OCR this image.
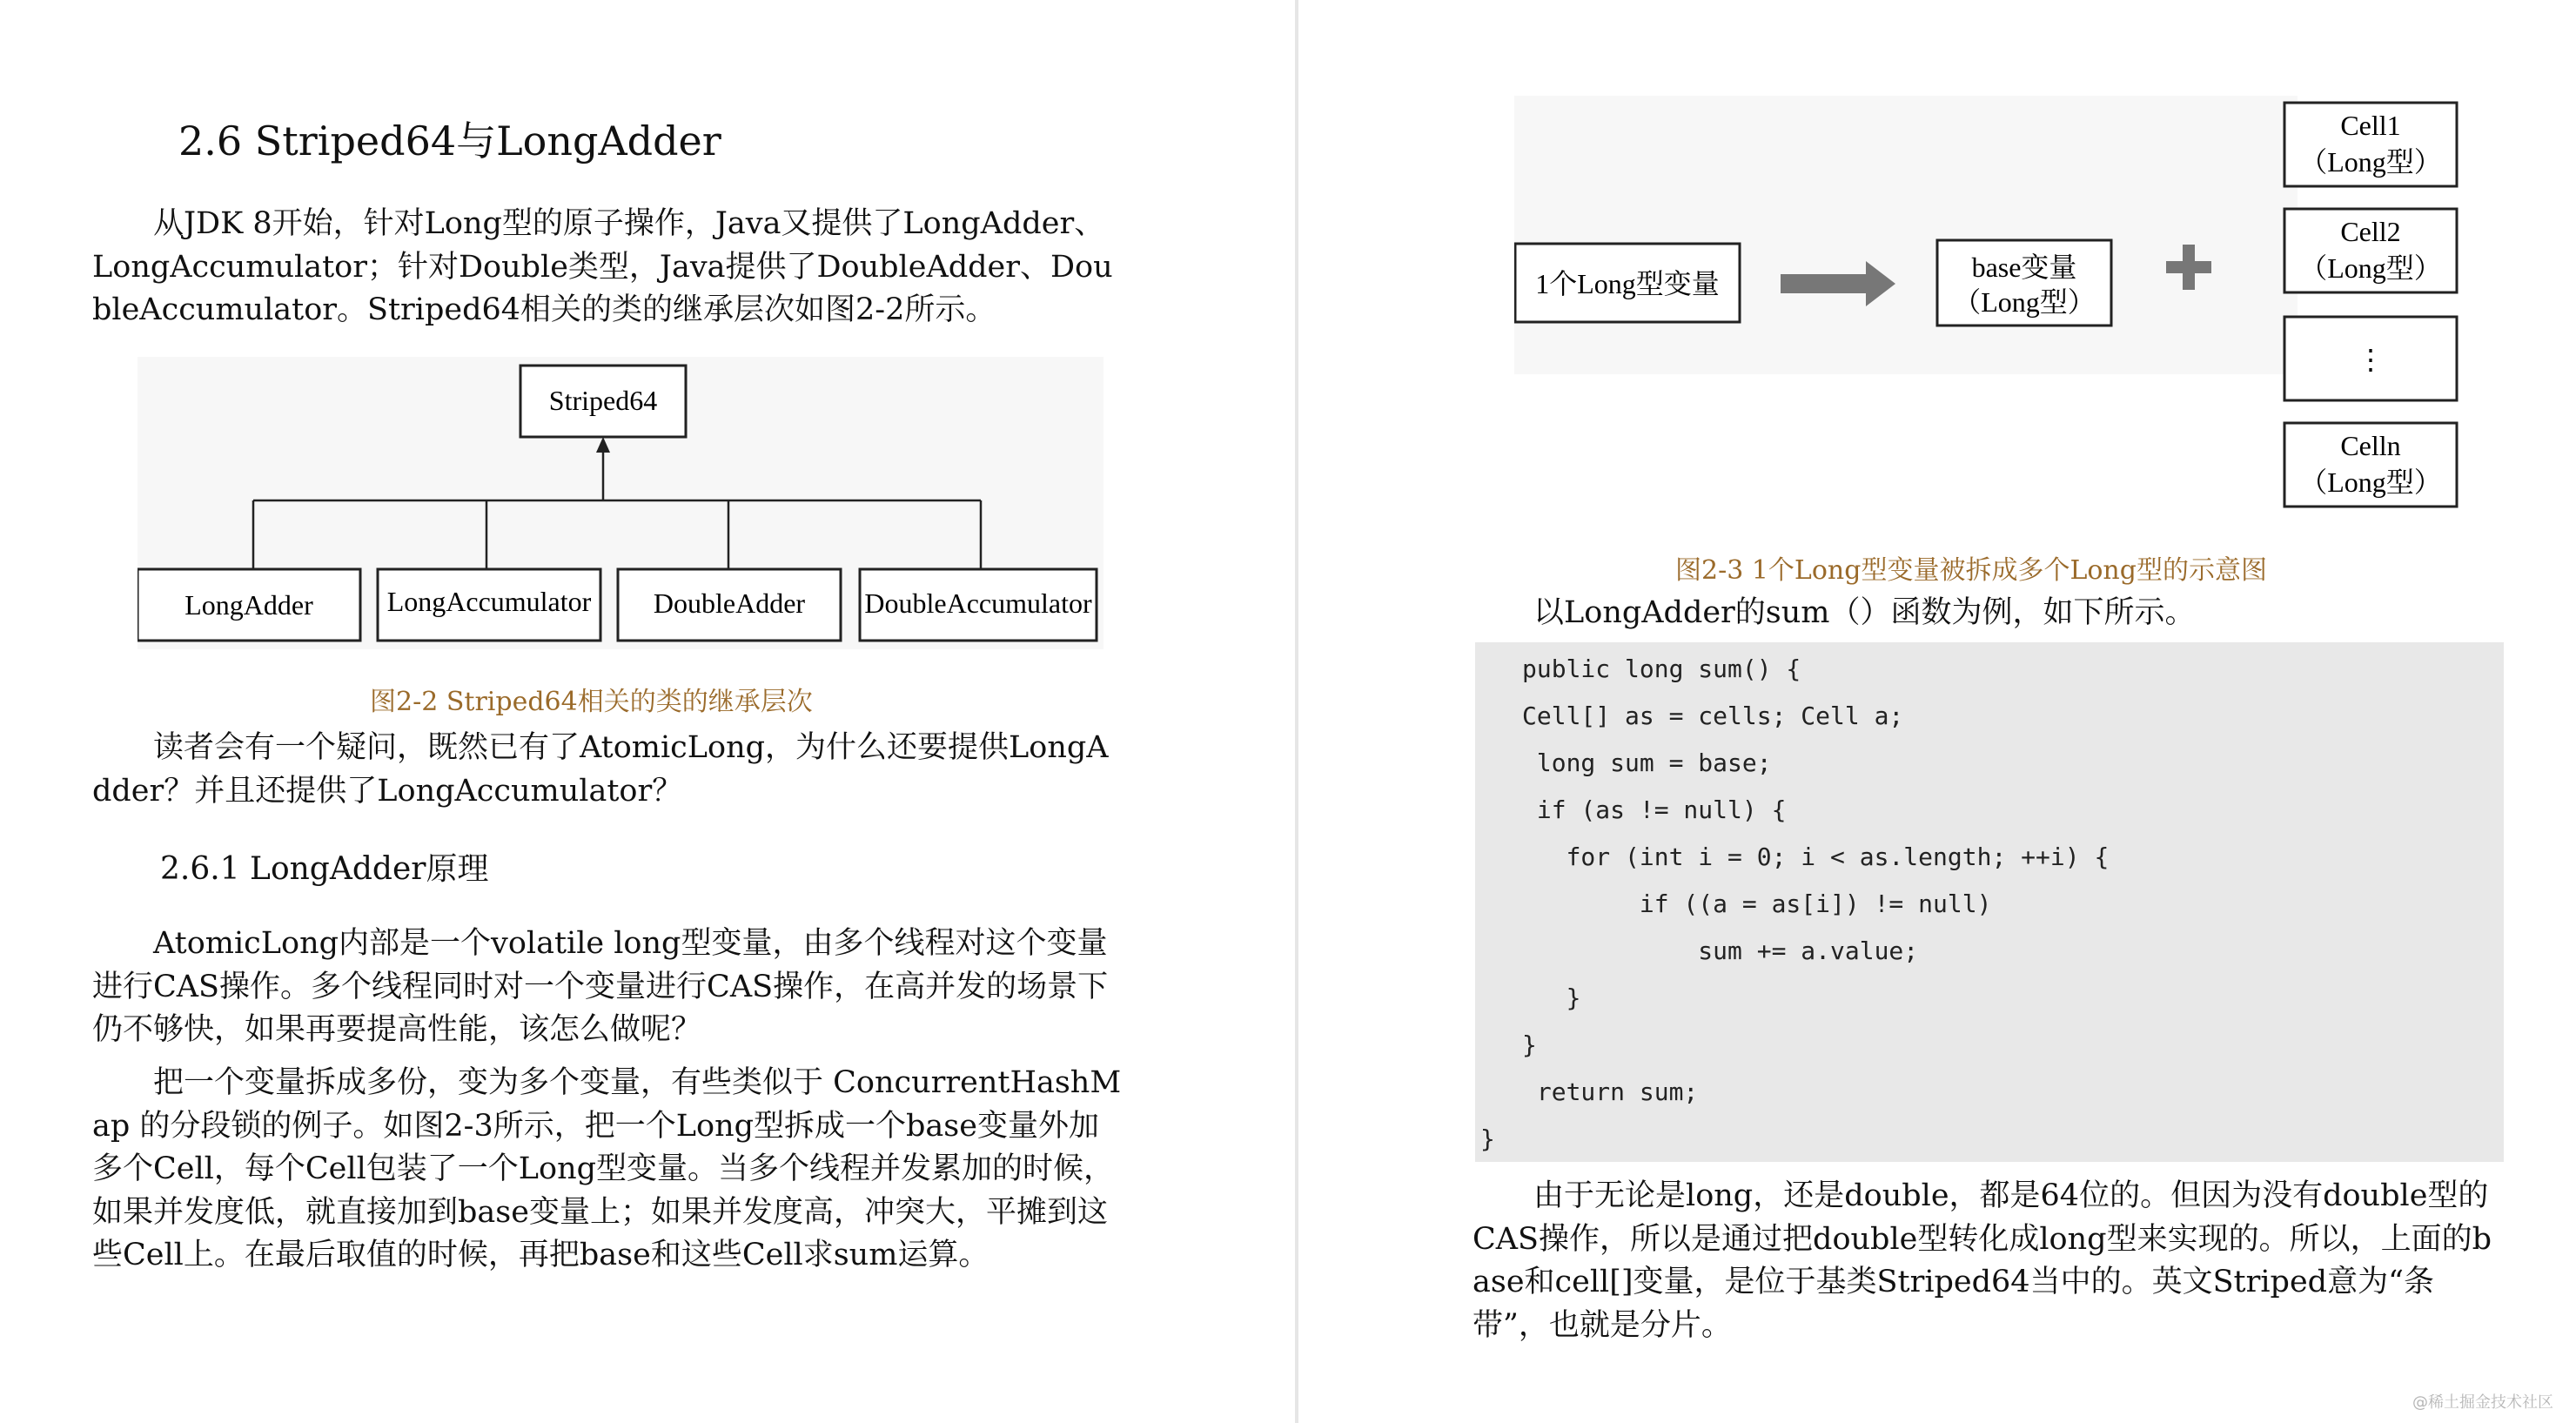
2.6 Striped64与LongAdder

从JDK 8开始，针对Long型的原子操作，Java又提供了LongAdder、LongAccumulator；针对Double类型，Java提供了DoubleAdder、DoubleAccumulator。Striped64相关的类的继承层次如图2-2所示。

Striped64
LongAdder	LongAccumulator DoubleAdder DoubleAccumulator
图2-2 Striped64相关的类的继承层次

读者会有一个疑问，既然已有了AtomicLong，为什么还要提供LongAdder？并且还提供了LongAccumulator？

2.6.1 LongAdder原理

AtomicLong内部是一个volatile long型变量，由多个线程对这个变量进行CAS操作。多个线程同时对一个变量进行CAS操作，在高并发的场景下仍不够快，如果再要提高性能，该怎么做呢？

把一个变量拆成多份，变为多个变量，有些类似于 ConcurrentHashMap 的分段锁的例子。如图2-3所示，把一个Long型拆成一个base变量外加多个Cell，每个Cell包装了一个Long型变量。当多个线程并发累加的时候，如果并发度低，就直接加到base变量上；如果并发度高，冲突大，平摊到这些Cell上。在最后取值的时候，再把base和这些Cell求sum运算。

1个Long型变量
base变量
（Long型）
Cell1
（Long型）
Cell2
（Long型）
⋮
Celln
（Long型）
图2-3 1个Long型变量被拆成多个Long型的示意图

以LongAdder的sum（）函数为例，如下所示。

public long sum() {
Cell[] as = cells; Cell a;
long sum = base;
if (as != null) {
for (int i = 0; i < as.length; ++i) {
if ((a = as[i]) != null)
sum += a.value;
}
}
return sum;
}

由于无论是long，还是double，都是64位的。但因为没有double型的CAS操作，所以是通过把double型转化成long型来实现的。所以，上面的base和cell[]变量，是位于基类Striped64当中的。英文Striped意为“条带”，也就是分片。

@稀土掘金技术社区
